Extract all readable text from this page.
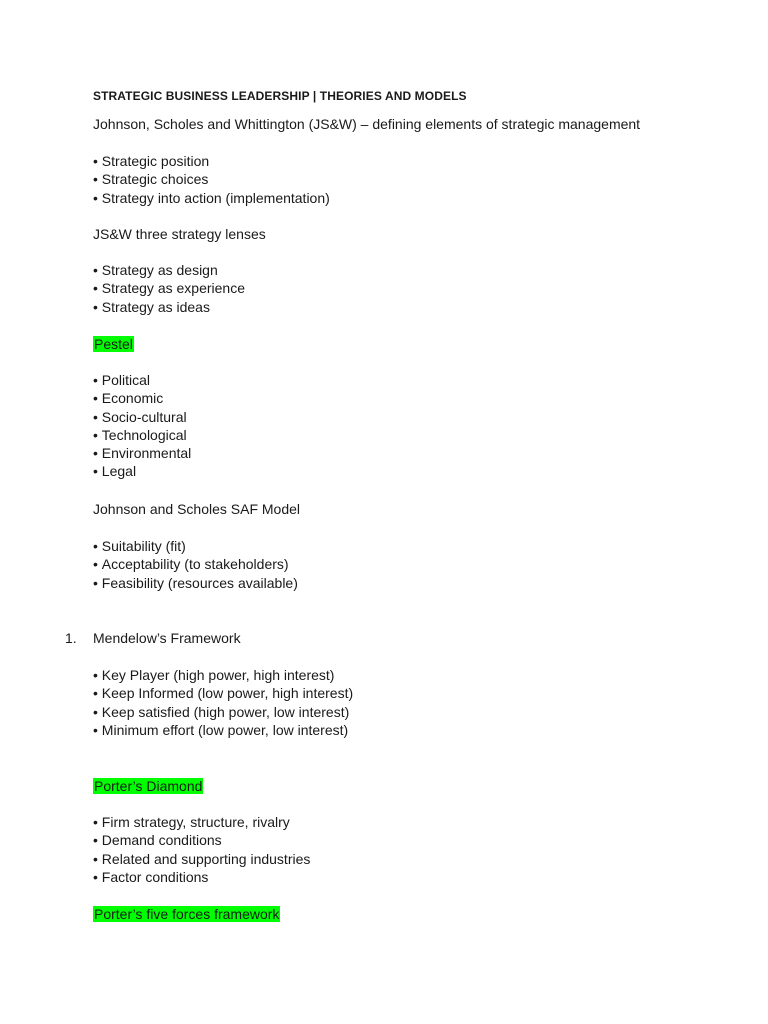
STRATEGIC BUSINESS LEADERSHIP | THEORIES AND MODELS

Johnson, Scholes and Whittington (JS&W) – defining elements of strategic management

• Strategic position
• Strategic choices
• Strategy into action (implementation)

JS&W three strategy lenses

• Strategy as design
• Strategy as experience
• Strategy as ideas

Pestel

• Political
• Economic
• Socio-cultural
• Technological
• Environmental
• Legal

Johnson and Scholes SAF Model

• Suitability (fit)
• Acceptability (to stakeholders)
• Feasibility (resources available)
1. Mendelow’s Framework

• Key Player (high power, high interest)
• Keep Informed (low power, high interest)
• Keep satisfied (high power, low interest)
• Minimum effort (low power, low interest)

Porter’s Diamond

• Firm strategy, structure, rivalry
• Demand conditions
• Related and supporting industries
• Factor conditions

Porter’s five forces framework
